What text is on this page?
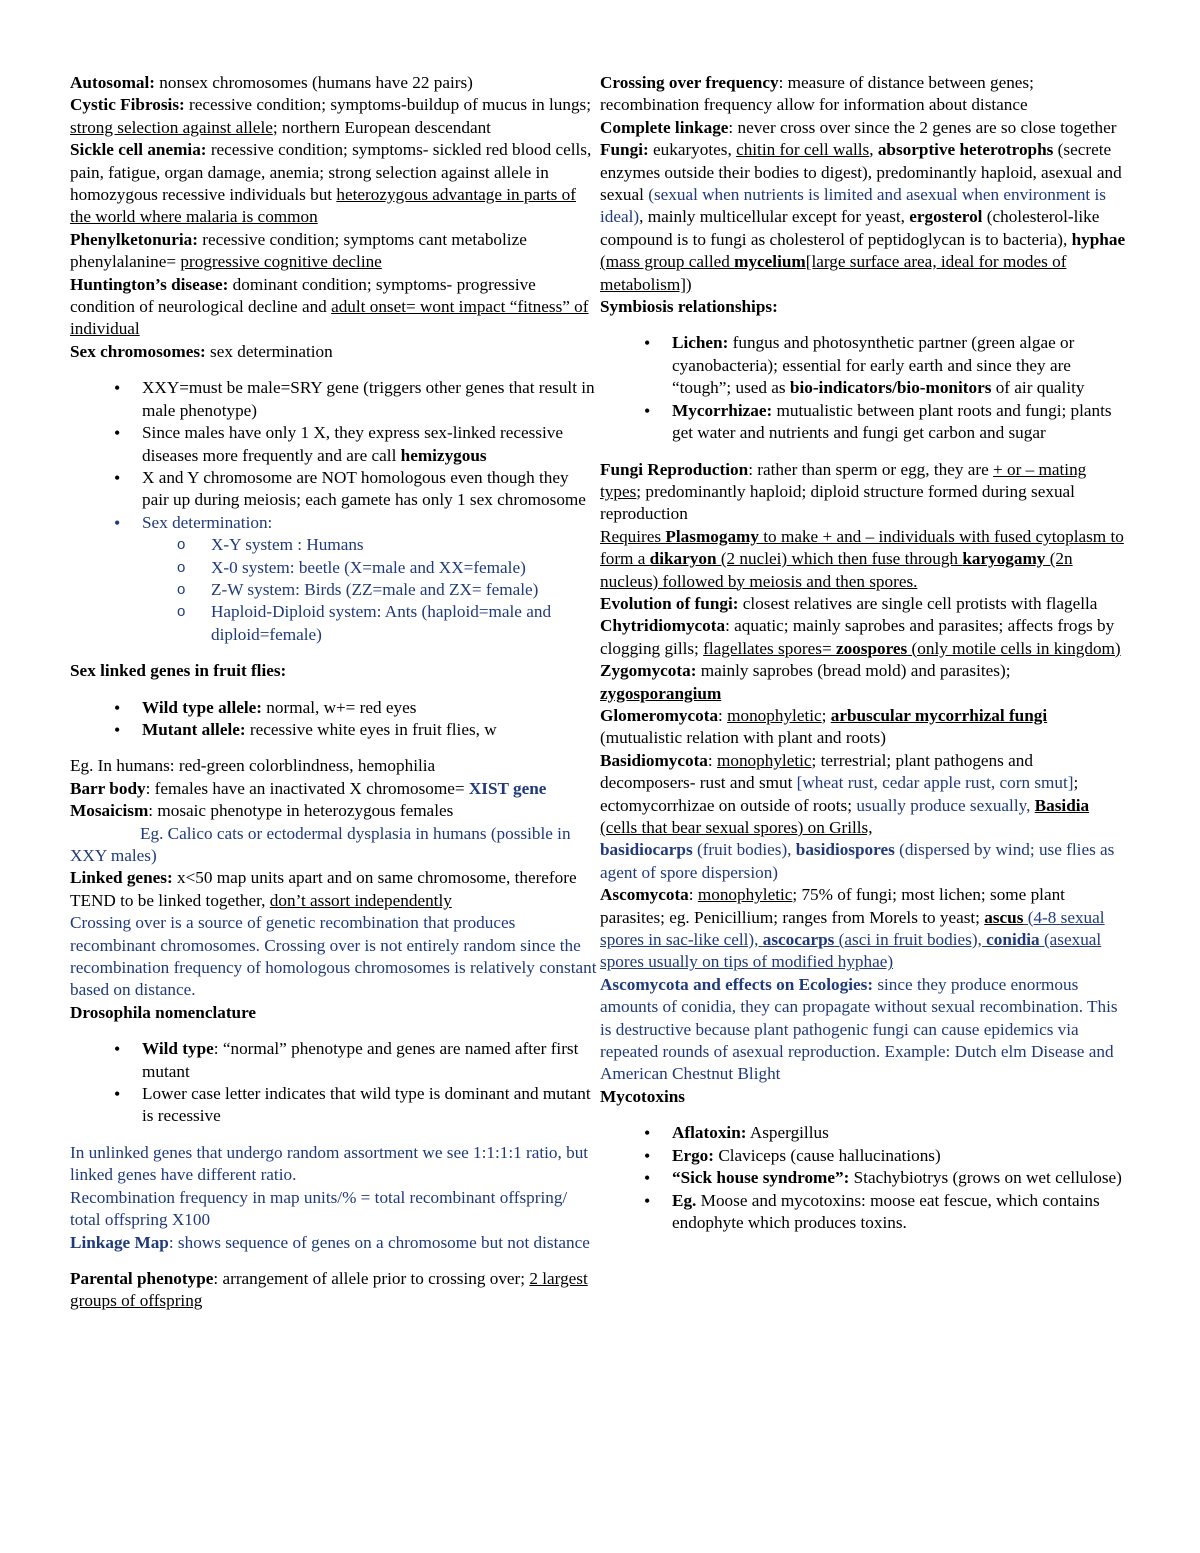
Autosomal: nonsex chromosomes (humans have 22 pairs)

Cystic Fibrosis: recessive condition; symptoms-buildup of mucus in lungs; strong selection against allele; northern European descendant

Sickle cell anemia: recessive condition; symptoms- sickled red blood cells, pain, fatigue, organ damage, anemia; strong selection against allele in homozygous recessive individuals but heterozygous advantage in parts of the world where malaria is common

Phenylketonuria: recessive condition; symptoms cant metabolize phenylalanine= progressive cognitive decline

Huntington’s disease: dominant condition; symptoms- progressive condition of neurological decline and adult onset= wont impact “fitness” of individual

Sex chromosomes: sex determination

• XXY=must be male=SRY gene (triggers other genes that result in male phenotype)
• Since males have only 1 X, they express sex-linked recessive diseases more frequently and are call hemizygous
• X and Y chromosome are NOT homologous even though they pair up during meiosis; each gamete has only 1 sex chromosome
• Sex determination:
o X-Y system : Humans
o X-0 system: beetle (X=male and XX=female)
o Z-W system: Birds (ZZ=male and ZX= female)
o Haploid-Diploid system: Ants (haploid=male and diploid=female)

Sex linked genes in fruit flies:

• Wild type allele: normal, w+= red eyes
• Mutant allele: recessive white eyes in fruit flies, w

Eg. In humans: red-green colorblindness, hemophilia

Barr body: females have an inactivated X chromosome= XIST gene

Mosaicism: mosaic phenotype in heterozygous females

Eg. Calico cats or ectodermal dysplasia in humans (possible in XXY males)

Linked genes: x<50 map units apart and on same chromosome, therefore TEND to be linked together, don’t assort independently

Crossing over is a source of genetic recombination that produces recombinant chromosomes. Crossing over is not entirely random since the recombination frequency of homologous chromosomes is relatively constant based on distance.

Drosophila nomenclature

• Wild type: “normal” phenotype and genes are named after first mutant
• Lower case letter indicates that wild type is dominant and mutant is recessive

In unlinked genes that undergo random assortment we see 1:1:1:1 ratio, but linked genes have different ratio.

Recombination frequency in map units/% = total recombinant offspring/ total offspring X100

Linkage Map: shows sequence of genes on a chromosome but not distance

Parental phenotype: arrangement of allele prior to crossing over; 2 largest groups of offspring

Crossing over frequency: measure of distance between genes; recombination frequency allow for information about distance

Complete linkage: never cross over since the 2 genes are so close together

Fungi: eukaryotes, chitin for cell walls, absorptive heterotrophs (secrete enzymes outside their bodies to digest), predominantly haploid, asexual and sexual (sexual when nutrients is limited and asexual when environment is ideal), mainly multicellular except for yeast, ergosterol (cholesterol-like compound is to fungi as cholesterol of peptidoglycan is to bacteria), hyphae (mass group called mycelium[large surface area, ideal for modes of metabolism])

Symbiosis relationships:

• Lichen: fungus and photosynthetic partner (green algae or cyanobacteria); essential for early earth and since they are “tough”; used as bio-indicators/bio-monitors of air quality
• Mycorrhizae: mutualistic between plant roots and fungi; plants get water and nutrients and fungi get carbon and sugar

Fungi Reproduction: rather than sperm or egg, they are + or – mating types; predominantly haploid; diploid structure formed during sexual reproduction

Requires Plasmogamy to make + and – individuals with fused cytoplasm to form a dikaryon (2 nuclei) which then fuse through karyogamy (2n nucleus) followed by meiosis and then spores.

Evolution of fungi: closest relatives are single cell protists with flagella

Chytridiomycota: aquatic; mainly saprobes and parasites; affects frogs by clogging gills; flagellates spores= zoospores (only motile cells in kingdom)

Zygomycota: mainly saprobes (bread mold) and parasites); zygosporangium

Glomeromycota: monophyletic; arbuscular mycorrhizal fungi (mutualistic relation with plant and roots)

Basidiomycota: monophyletic; terrestrial; plant pathogens and decomposers- rust and smut [wheat rust, cedar apple rust, corn smut]; ectomycorrhizae on outside of roots; usually produce sexually, Basidia (cells that bear sexual spores) on Grills,
basidiocarps (fruit bodies), basidiospores (dispersed by wind; use flies as agent of spore dispersion)

Ascomycota: monophyletic; 75% of fungi; most lichen; some plant parasites; eg. Penicillium; ranges from Morels to yeast; ascus (4-8 sexual spores in sac-like cell), ascocarps (asci in fruit bodies), conidia (asexual spores usually on tips of modified hyphae)

Ascomycota and effects on Ecologies: since they produce enormous amounts of conidia, they can propagate without sexual recombination. This is destructive because plant pathogenic fungi can cause epidemics via repeated rounds of asexual reproduction. Example: Dutch elm Disease and American Chestnut Blight

Mycotoxins

• Aflatoxin: Aspergillus
• Ergo: Claviceps (cause hallucinations)
• “Sick house syndrome”: Stachybiotrys (grows on wet cellulose)
• Eg. Moose and mycotoxins: moose eat fescue, which contains endophyte which produces toxins.
